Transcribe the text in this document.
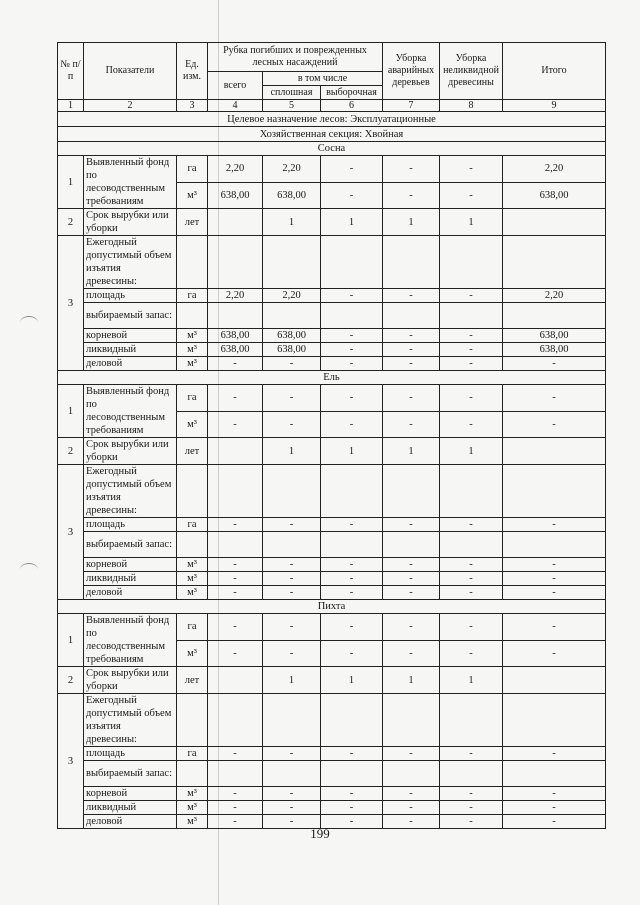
№ п/п	Показатели	Ед. изм.	Рубка погибших и поврежденных лесных насаждений			Уборка аварийных деревьев	Уборка неликвидной древесины	Итого
			всего	в том числе				
				сплошная	выборочная			
1	2	3	4	5	6	7	8	9
Целевое назначение лесов: Эксплуатационные								
Хозяйственная секция: Хвойная								
Сосна								
1	Выявленный фонд по лесоводственным требованиям	га	2,20	2,20	-	-	-	2,20
		м³	638,00	638,00	-	-	-	638,00
2	Срок вырубки или уборки	лет		1	1	1	1	
3	Ежегодный допустимый объем изъятия древесины:							
	площадь	га	2,20	2,20	-	-	-	2,20
	выбираемый запас:							
	корневой	м³	638,00	638,00	-	-	-	638,00
	ликвидный	м³	638,00	638,00	-	-	-	638,00
	деловой	м³	-	-	-	-	-	-
Ель								
1	Выявленный фонд по лесоводственным требованиям	га	-	-	-	-	-	-
		м³	-	-	-	-	-	-
2	Срок вырубки или уборки	лет		1	1	1	1	
3	Ежегодный допустимый объем изъятия древесины:							
	площадь	га	-	-	-	-	-	-
	выбираемый запас:							
	корневой	м³	-	-	-	-	-	-
	ликвидный	м³	-	-	-	-	-	-
	деловой	м³	-	-	-	-	-	-
Пихта								
1	Выявленный фонд по лесоводственным требованиям	га	-	-	-	-	-	-
		м³	-	-	-	-	-	-
2	Срок вырубки или уборки	лет		1	1	1	1	
3	Ежегодный допустимый объем изъятия древесины:							
	площадь	га	-	-	-	-	-	-
	выбираемый запас:							
	корневой	м³	-	-	-	-	-	-
	ликвидный	м³	-	-	-	-	-	-
	деловой	м³	-	-	-	-	-	-
199
